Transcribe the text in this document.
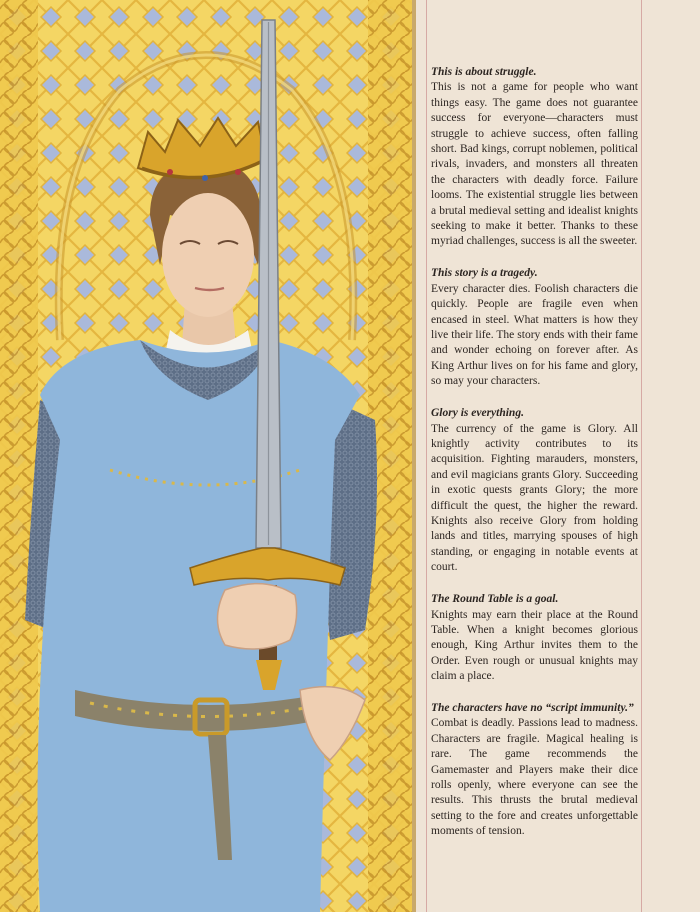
This is about struggle.

This is not a game for people who want things easy. The game does not guarantee success for everyone—characters must struggle to achieve success, often falling short. Bad kings, corrupt noblemen, political rivals, invaders, and monsters all threaten the characters with deadly force. Failure looms. The existential struggle lies between a brutal medieval setting and idealist knights seeking to make it better. Thanks to these myriad challenges, success is all the sweeter.

This story is a tragedy.

Every character dies. Foolish characters die quickly. People are fragile even when encased in steel. What matters is how they live their life. The story ends with their fame and wonder echoing on forever after. As King Arthur lives on for his fame and glory, so may your characters.

Glory is everything.

The currency of the game is Glory. All knightly activity contributes to its acquisition. Fighting marauders, monsters, and evil magicians grants Glory. Succeeding in exotic quests grants Glory; the more difficult the quest, the higher the reward. Knights also receive Glory from holding lands and titles, marrying spouses of high standing, or engaging in notable events at court.

The Round Table is a goal.

Knights may earn their place at the Round Table. When a knight becomes glorious enough, King Arthur invites them to the Order. Even rough or unusual knights may claim a place.

The characters have no “script immunity.”

Combat is deadly. Passions lead to madness. Characters are fragile. Magical healing is rare. The game recommends the Gamemaster and Players make their dice rolls openly, where everyone can see the results. This thrusts the brutal medieval setting to the fore and creates unforgettable moments of tension.
